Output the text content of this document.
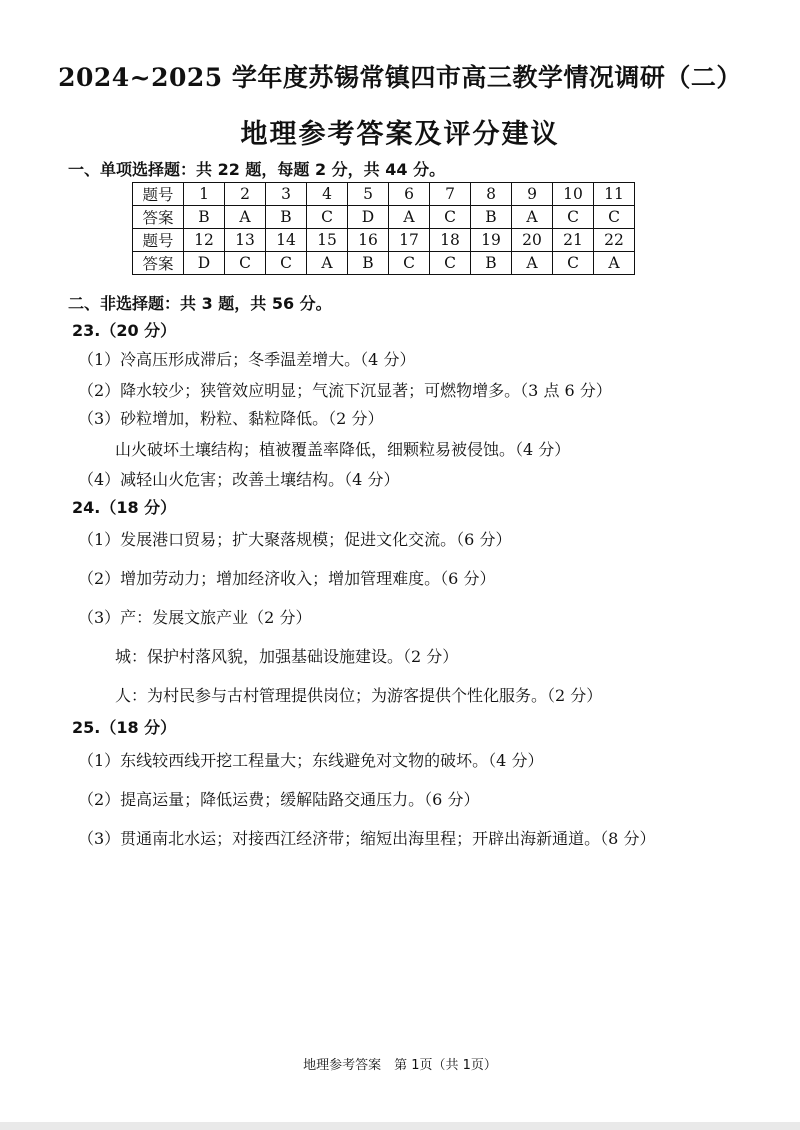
2024~2025 学年度苏锡常镇四市高三教学情况调研（二）
地理参考答案及评分建议
一、单项选择题：共 22 题，每题 2 分，共 44 分。
题号	1	2	3	4	5	6	7	8	9	10	11
答案	B	A	B	C	D	A	C	B	A	C	C
题号	12	13	14	15	16	17	18	19	20	21	22
答案	D	C	C	A	B	C	C	B	A	C	A
二、非选择题：共 3 题，共 56 分。
23.（20 分）
（1）冷高压形成滞后；冬季温差增大。（4 分）
（2）降水较少；狭管效应明显；气流下沉显著；可燃物增多。（3 点 6 分）
（3）砂粒增加，粉粒、黏粒降低。（2 分）
山火破坏土壤结构；植被覆盖率降低，细颗粒易被侵蚀。（4 分）
（4）减轻山火危害；改善土壤结构。（4 分）
24.（18 分）
（1）发展港口贸易；扩大聚落规模；促进文化交流。（6 分）
（2）增加劳动力；增加经济收入；增加管理难度。（6 分）
（3）产：发展文旅产业（2 分）
城：保护村落风貌，加强基础设施建设。（2 分）
人：为村民参与古村管理提供岗位；为游客提供个性化服务。（2 分）
25.（18 分）
（1）东线较西线开挖工程量大；东线避免对文物的破坏。（4 分）
（2）提高运量；降低运费；缓解陆路交通压力。（6 分）
（3）贯通南北水运；对接西江经济带；缩短出海里程；开辟出海新通道。（8 分）
地理参考答案　第 1页（共 1页）
